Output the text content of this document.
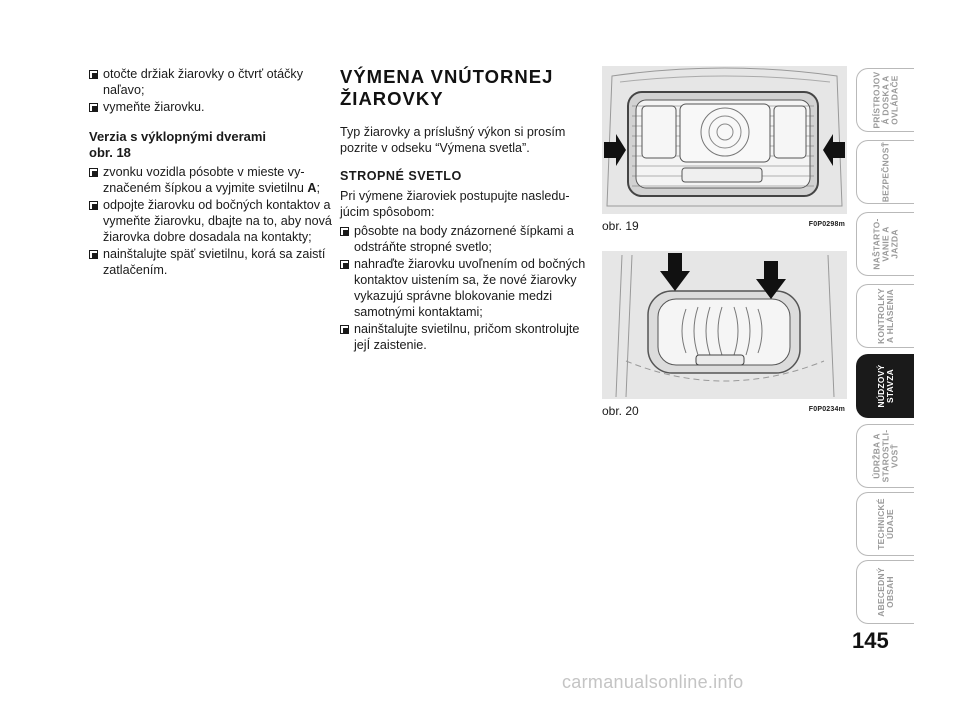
otočte držiak žiarovky o čtvrť otáčky naľavo;
vymeňte žiarovku.
Verzia s výklopnými dverami
obr. 18
zvonku vozidla pósobte v mieste vyznačeném šípkou a vyjmite svietilnu A;
odpojte žiarovku od bočných kontaktov a vymeňte žiarovku, dbajte na to, aby nová žiarovka dobre dosadala na kontakty;
nainštalujte späť svietilnu, korá sa zaistí zatlačením.
VÝMENA VNÚTORNEJ
ŽIAROVKY
Typ žiarovky a príslušný výkon si prosím pozrite v odseku “Výmena svetla”.
STROPNÉ SVETLO
Pri výmene žiaroviek postupujte nasledujúcim spôsobom:
pôsobte na body znázornené šípkami a odstráňte stropné svetlo;
nahraďte žiarovku uvoľnením od bočných kontaktov uistením sa, že nové žiarovky vykazujú správne blokovanie medzi samotnými kontaktami;
nainštalujte svietilnu, pričom skontrolujte jejÍ zaistenie.
obr. 19	F0P0298m
obr. 20	F0P0234m
PRÍSTROJOV
Á DOSKA A
OVLÁDAČE
BEZPEČNOSŤ
NAŠTARTO-
VANIE A
JAZDA
KONTROLKY
A HLÁSENIA
NÚDZOVÝ
STAVZA
ÚDRŽBA A
STAROSTLI-
VOSŤ
TECHNICKÉ
ÚDAJE
ABECEDNÝ
OBSAH
145
carmanualsonline.info
